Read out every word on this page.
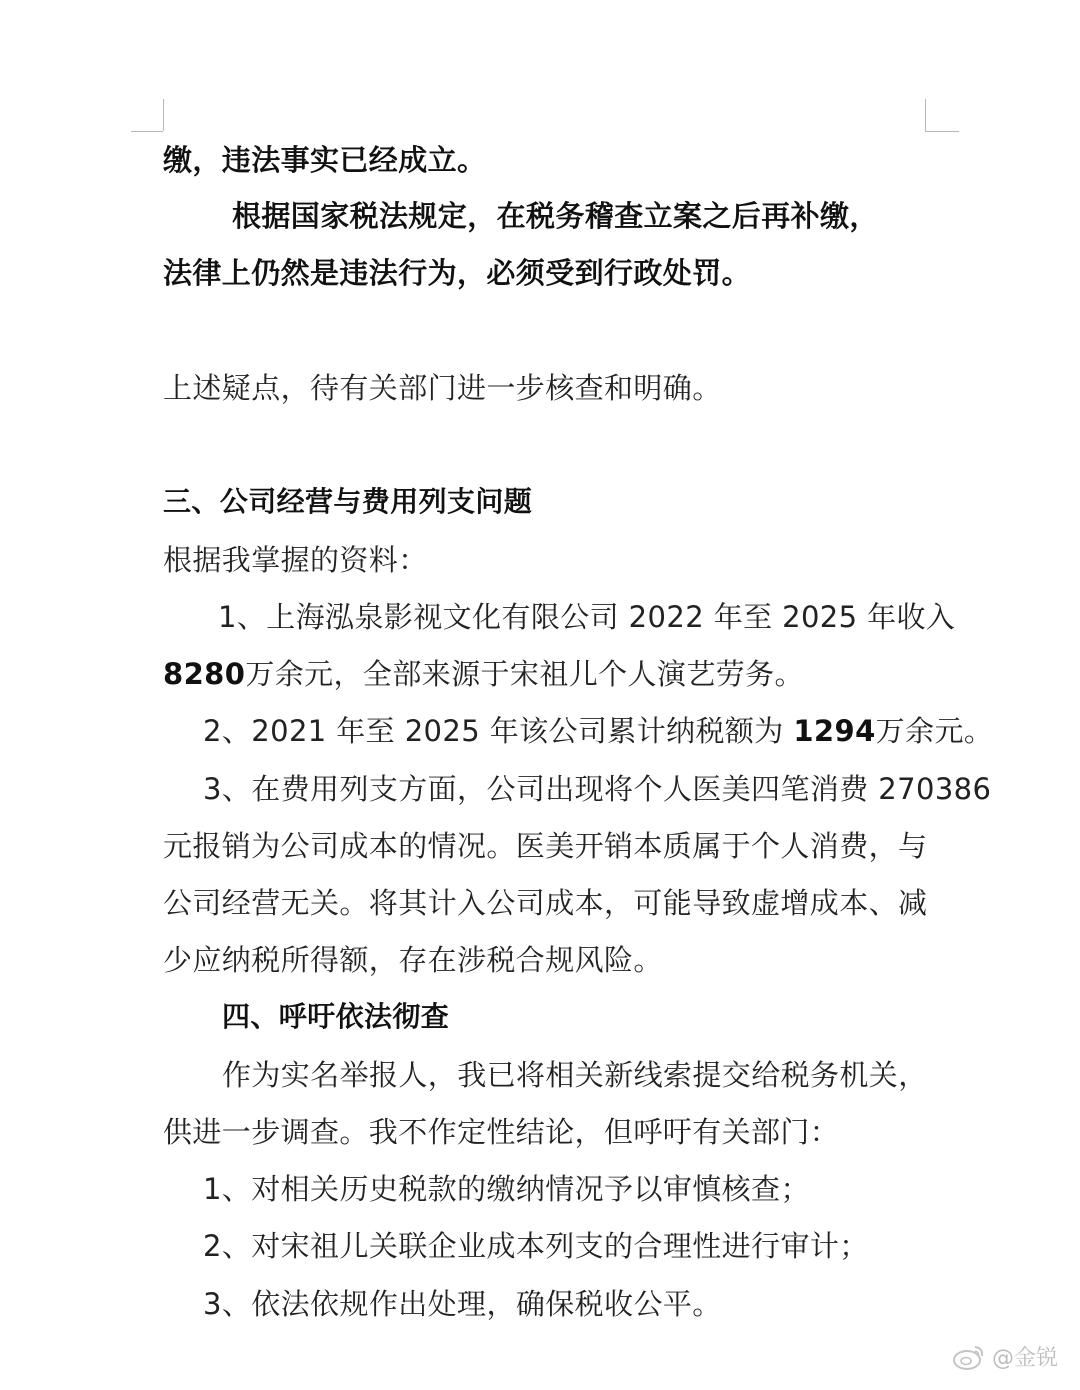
缴，违法事实已经成立。
根据国家税法规定，在税务稽查立案之后再补缴，
法律上仍然是违法行为，必须受到行政处罚。
上述疑点，待有关部门进一步核查和明确。
三、公司经营与费用列支问题
根据我掌握的资料：
1、上海泓泉影视文化有限公司 2022 年至 2025 年收入
8280万余元，全部来源于宋祖儿个人演艺劳务。
2、2021 年至 2025 年该公司累计纳税额为 1294万余元。
3、在费用列支方面，公司出现将个人医美四笔消费 270386
元报销为公司成本的情况。医美开销本质属于个人消费，与
公司经营无关。将其计入公司成本，可能导致虚增成本、减
少应纳税所得额，存在涉税合规风险。
四、呼吁依法彻查
作为实名举报人，我已将相关新线索提交给税务机关，
供进一步调查。我不作定性结论，但呼吁有关部门：
1、对相关历史税款的缴纳情况予以审慎核查；
2、对宋祖儿关联企业成本列支的合理性进行审计；
3、依法依规作出处理，确保税收公平。
@金锐
